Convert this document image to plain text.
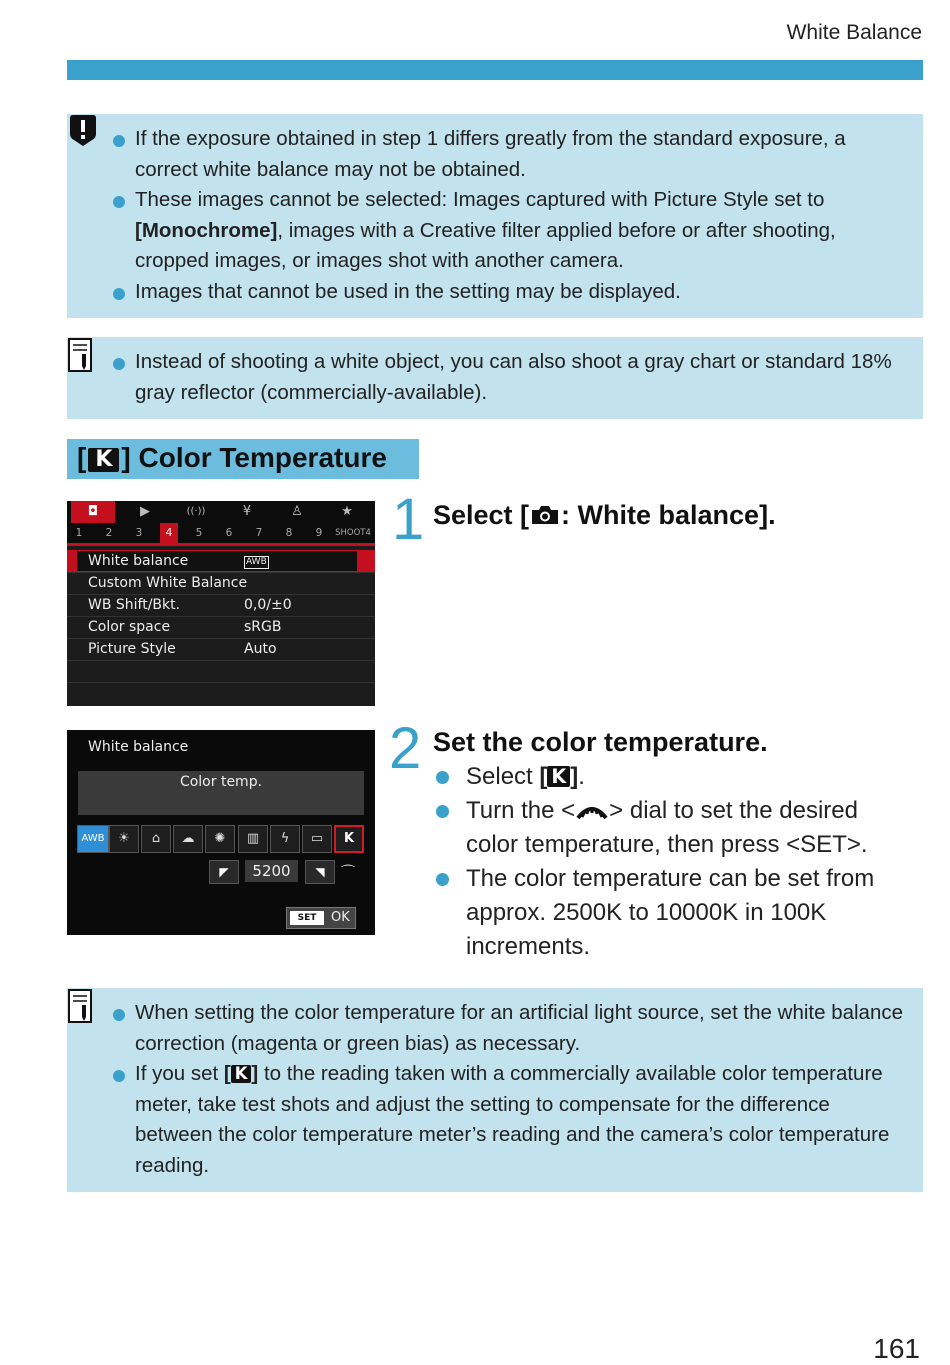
White Balance
If the exposure obtained in step 1 differs greatly from the standard exposure, a correct white balance may not be obtained.
These images cannot be selected: Images captured with Picture Style set to [Monochrome], images with a Creative filter applied before or after shooting, cropped images, or images shot with another camera.
Images that cannot be used in the setting may be displayed.
Instead of shooting a white object, you can also shoot a gray chart or standard 18% gray reflector (commercially-available).
[ K ] Color Temperature
◘	▶	((·))	¥	♙	★
1	2	3	4	5	6	7	8	9	SHOOT4
White balance	AWB
Custom White Balance
WB Shift/Bkt.	0,0/±0
Color space	sRGB
Picture Style	Auto
1 Select [ : White balance].
White balance
Color temp.
AWB	☀	⌂	☁	✺	▥	ϟ	▭	K
◤	5200	◥	⌒
SET	OK
2 Set the color temperature.
Select [ K ].
Turn the < > dial to set the desired color temperature, then press <SET>.
The color temperature can be set from approx. 2500K to 10000K in 100K increments.
When setting the color temperature for an artificial light source, set the white balance correction (magenta or green bias) as necessary.
If you set [ K ] to the reading taken with a commercially available color temperature meter, take test shots and adjust the setting to compensate for the difference between the color temperature meter’s reading and the camera’s color temperature reading.
161
